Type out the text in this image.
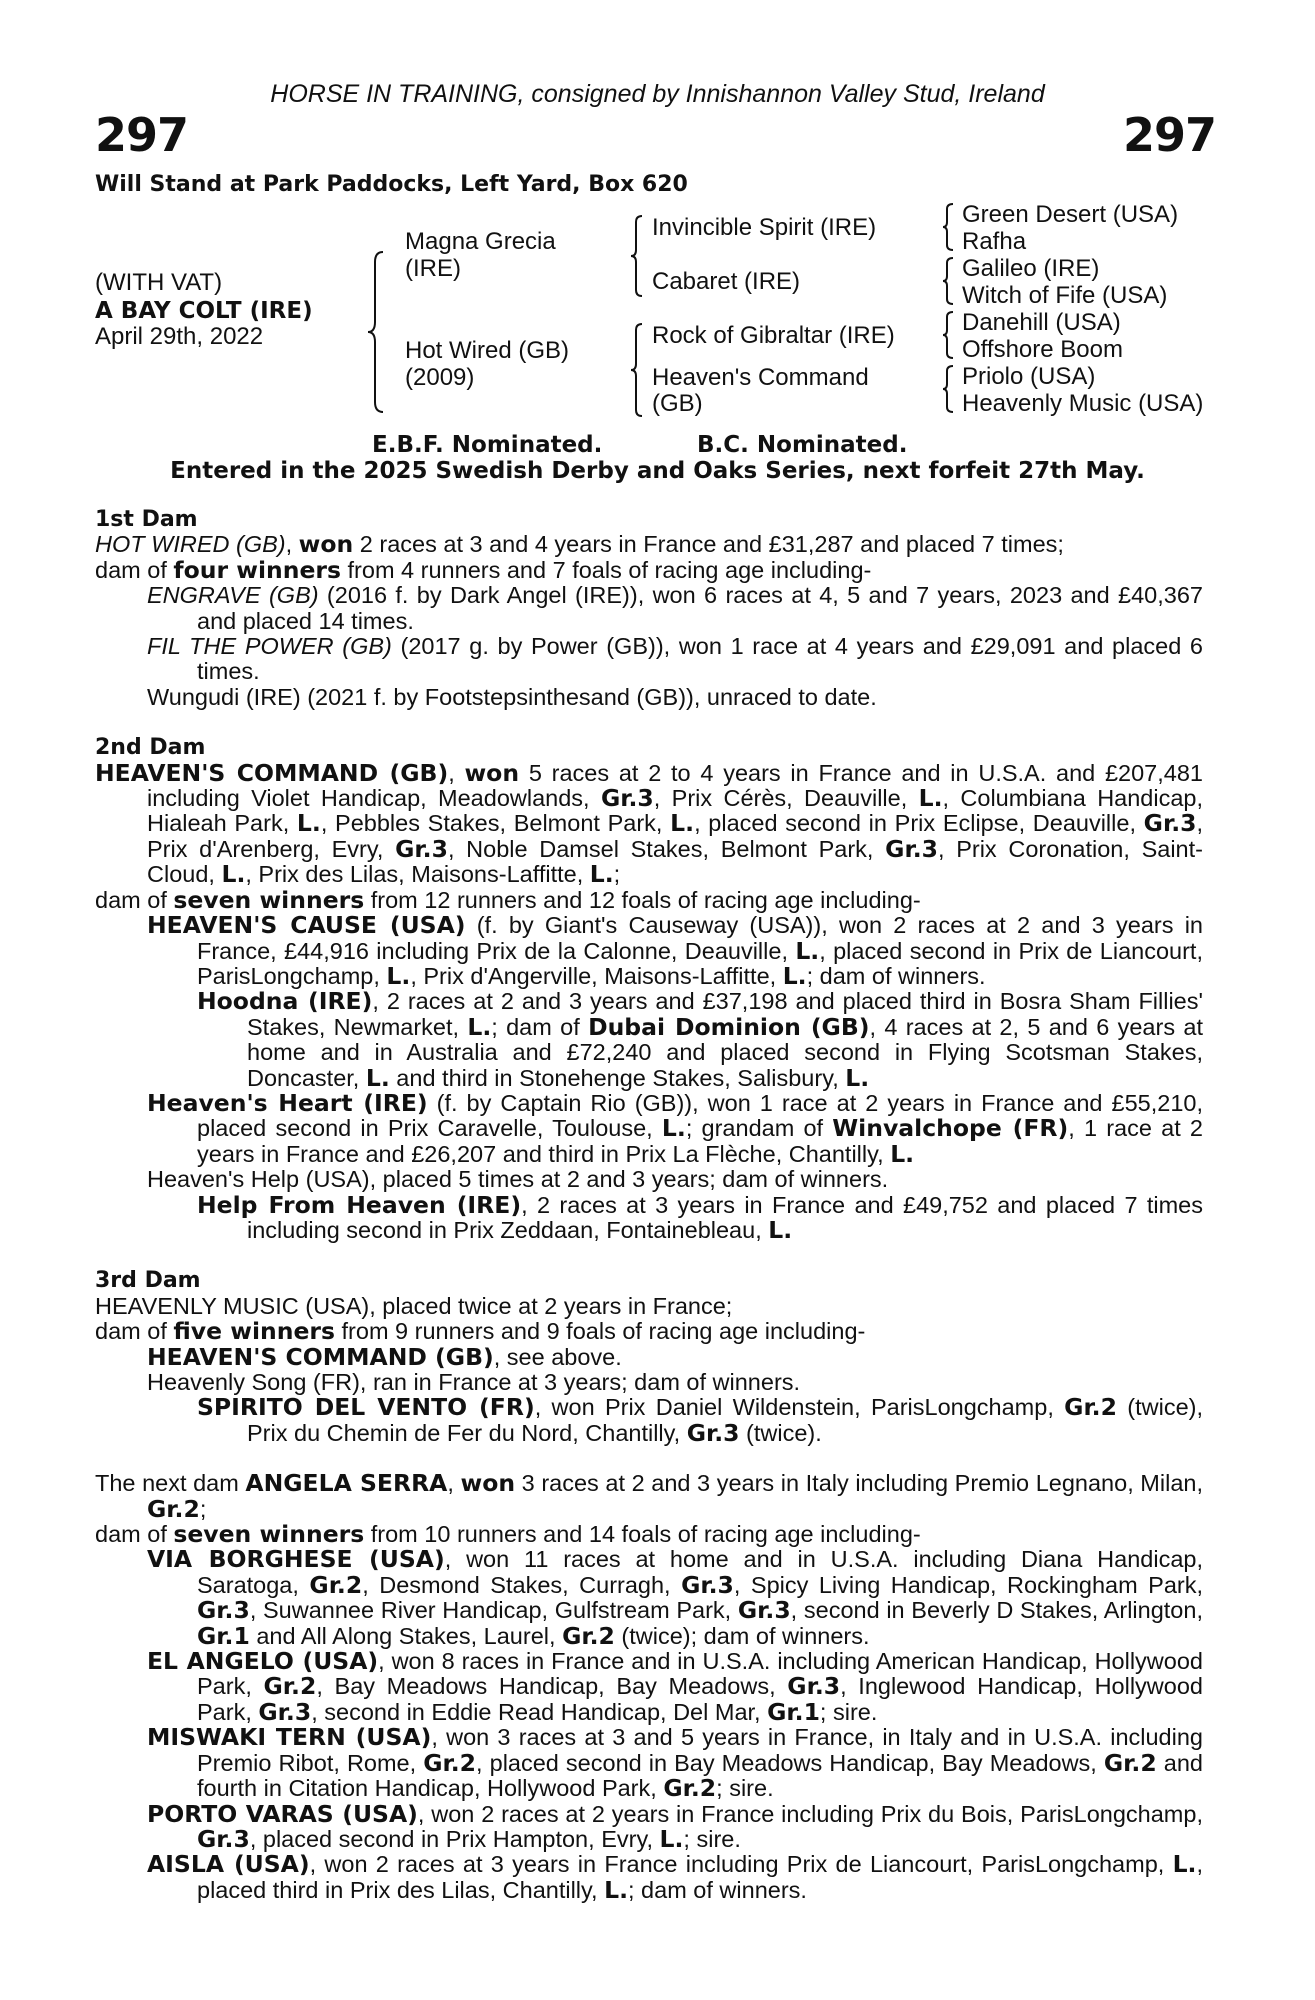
HORSE IN TRAINING, consigned by Innishannon Valley Stud, Ireland
297	297
Will Stand at Park Paddocks, Left Yard, Box 620
(WITH VAT)
A BAY COLT (IRE)
April 29th, 2022
Magna Grecia
(IRE)
Hot Wired (GB)
(2009)
Invincible Spirit (IRE)
Cabaret (IRE)
Rock of Gibraltar (IRE)
Heaven's Command
(GB)
Green Desert (USA)
Rafha
Galileo (IRE)
Witch of Fife (USA)
Danehill (USA)
Offshore Boom
Priolo (USA)
Heavenly Music (USA)
E.B.F. Nominated.	B.C. Nominated.
Entered in the 2025 Swedish Derby and Oaks Series, next forfeit 27th May.

1st Dam

HOT WIRED (GB), won 2 races at 3 and 4 years in France and £31,287 and placed 7 times;

dam of four winners from 4 runners and 7 foals of racing age including-

ENGRAVE (GB) (2016 f. by Dark Angel (IRE)), won 6 races at 4, 5 and 7 years, 2023 and £40,367 and placed 14 times.

FIL THE POWER (GB) (2017 g. by Power (GB)), won 1 race at 4 years and £29,091 and placed 6 times.

Wungudi (IRE) (2021 f. by Footstepsinthesand (GB)), unraced to date.

2nd Dam

HEAVEN'S COMMAND (GB), won 5 races at 2 to 4 years in France and in U.S.A. and £207,481 including Violet Handicap, Meadowlands, Gr.3, Prix Cérès, Deauville, L., Columbiana Handicap, Hialeah Park, L., Pebbles Stakes, Belmont Park, L., placed second in Prix Eclipse, Deauville, Gr.3, Prix d'Arenberg, Evry, Gr.3, Noble Damsel Stakes, Belmont Park, Gr.3, Prix Coronation, Saint-Cloud, L., Prix des Lilas, Maisons-Laffitte, L.;

dam of seven winners from 12 runners and 12 foals of racing age including-

HEAVEN'S CAUSE (USA) (f. by Giant's Causeway (USA)), won 2 races at 2 and 3 years in France, £44,916 including Prix de la Calonne, Deauville, L., placed second in Prix de Liancourt, ParisLongchamp, L., Prix d'Angerville, Maisons-Laffitte, L.; dam of winners.

Hoodna (IRE), 2 races at 2 and 3 years and £37,198 and placed third in Bosra Sham Fillies' Stakes, Newmarket, L.; dam of Dubai Dominion (GB), 4 races at 2, 5 and 6 years at home and in Australia and £72,240 and placed second in Flying Scotsman Stakes, Doncaster, L. and third in Stonehenge Stakes, Salisbury, L.

Heaven's Heart (IRE) (f. by Captain Rio (GB)), won 1 race at 2 years in France and £55,210, placed second in Prix Caravelle, Toulouse, L.; grandam of Winvalchope (FR), 1 race at 2 years in France and £26,207 and third in Prix La Flèche, Chantilly, L.

Heaven's Help (USA), placed 5 times at 2 and 3 years; dam of winners.

Help From Heaven (IRE), 2 races at 3 years in France and £49,752 and placed 7 times including second in Prix Zeddaan, Fontainebleau, L.

3rd Dam

HEAVENLY MUSIC (USA), placed twice at 2 years in France;

dam of five winners from 9 runners and 9 foals of racing age including-

HEAVEN'S COMMAND (GB), see above.

Heavenly Song (FR), ran in France at 3 years; dam of winners.

SPIRITO DEL VENTO (FR), won Prix Daniel Wildenstein, ParisLongchamp, Gr.2 (twice), Prix du Chemin de Fer du Nord, Chantilly, Gr.3 (twice).

The next dam ANGELA SERRA, won 3 races at 2 and 3 years in Italy including Premio Legnano, Milan, Gr.2;

dam of seven winners from 10 runners and 14 foals of racing age including-

VIA BORGHESE (USA), won 11 races at home and in U.S.A. including Diana Handicap, Saratoga, Gr.2, Desmond Stakes, Curragh, Gr.3, Spicy Living Handicap, Rockingham Park, Gr.3, Suwannee River Handicap, Gulfstream Park, Gr.3, second in Beverly D Stakes, Arlington, Gr.1 and All Along Stakes, Laurel, Gr.2 (twice); dam of winners.

EL ANGELO (USA), won 8 races in France and in U.S.A. including American Handicap, Hollywood Park, Gr.2, Bay Meadows Handicap, Bay Meadows, Gr.3, Inglewood Handicap, Hollywood Park, Gr.3, second in Eddie Read Handicap, Del Mar, Gr.1; sire.

MISWAKI TERN (USA), won 3 races at 3 and 5 years in France, in Italy and in U.S.A. including Premio Ribot, Rome, Gr.2, placed second in Bay Meadows Handicap, Bay Meadows, Gr.2 and fourth in Citation Handicap, Hollywood Park, Gr.2; sire.

PORTO VARAS (USA), won 2 races at 2 years in France including Prix du Bois, ParisLongchamp, Gr.3, placed second in Prix Hampton, Evry, L.; sire.

AISLA (USA), won 2 races at 3 years in France including Prix de Liancourt, ParisLongchamp, L., placed third in Prix des Lilas, Chantilly, L.; dam of winners.
